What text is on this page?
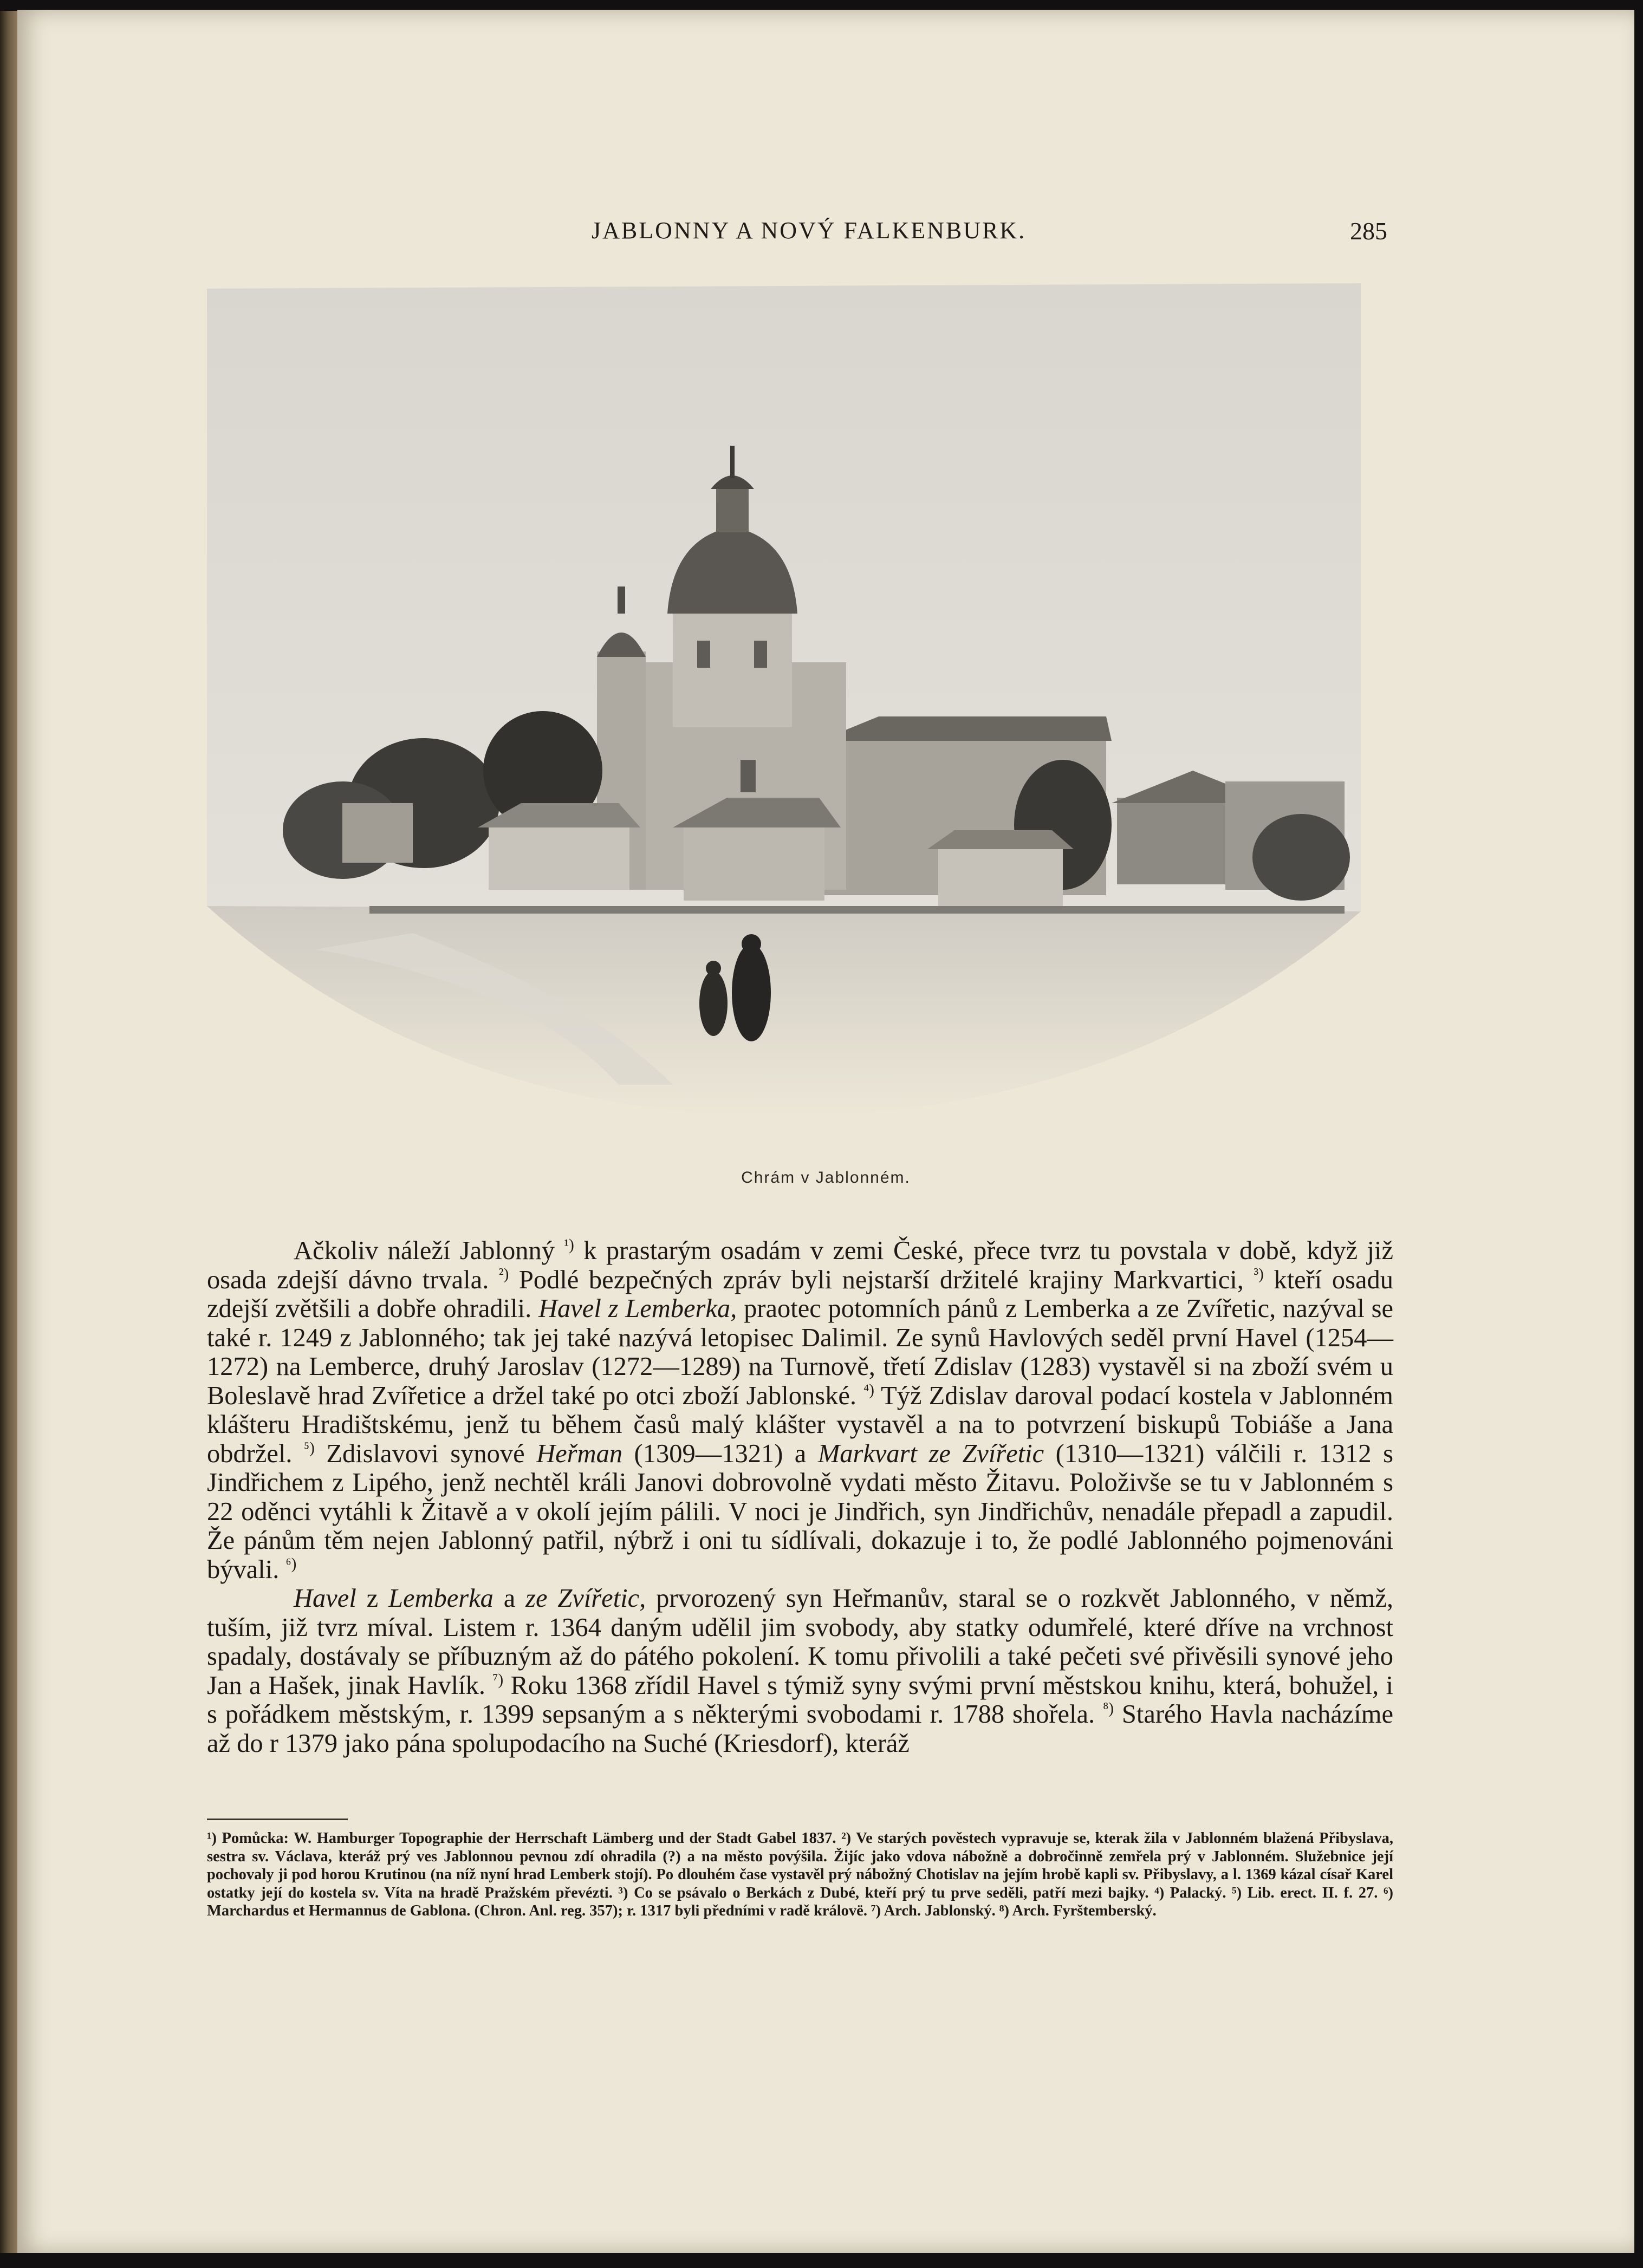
JABLONNY A NOVÝ FALKENBURK.	285
Chrám v Jablonném.

Ačkoliv náleží Jablonný $^{^1)}$ k prastarým osadám v zemi České, přece tvrz tu povstala v době, když již osada zdejší dávno trvala. $^{^2)}$ Podlé bezpečných zpráv byli nejstarší držitelé krajiny Markvartici, $^{^3)}$ kteří osadu zdejší zvětšili a dobře ohradili. Havel z Lemberka, praotec potomních pánů z Lemberka a ze Zvířetic, nazýval se také r. 1249 z Jablonného; tak jej také nazývá letopisec Dalimil. Ze synů Havlových seděl první Havel (1254—1272) na Lemberce, druhý Jaroslav (1272—1289) na Turnově, třetí Zdislav (1283) vystavěl si na zboží svém u Boleslavě hrad Zvířetice a držel také po otci zboží Jablonské. $^{^4)}$ Týž Zdislav daroval podací kostela v Jablonném klášteru Hradištskému, jenž tu během časů malý klášter vystavěl a na to potvrzení biskupů Tobiáše a Jana obdržel. $^{^5)}$ Zdislavovi synové Heřman (1309—1321) a Markvart ze Zvířetic (1310—1321) válčili r. 1312 s Jindřichem z Lipého, jenž nechtěl králi Janovi dobrovolně vydati město Žitavu. Položivše se tu v Jablonném s 22 oděnci vytáhli k Žitavě a v okolí jejím pálili. V noci je Jindřich, syn Jindřichův, nenadále přepadl a zapudil. Že pánům těm nejen Jablonný patřil, nýbrž i oni tu sídlívali, dokazuje i to, že podlé Jablonného pojmenováni bývali. $^{^6)}$

Havel z Lemberka a ze Zvířetic, prvorozený syn Heřmanův, staral se o rozkvět Jablonného, v němž, tuším, již tvrz míval. Listem r. 1364 daným udělil jim svobody, aby statky odumřelé, které dříve na vrchnost spadaly, dostávaly se příbuzným až do pátého pokolení. K tomu přivolili a také pečeti své přivěsili synové jeho Jan a Hašek, jinak Havlík. $^{^7)}$ Roku 1368 zřídil Havel s týmiž syny svými první městskou knihu, která, bohužel, i s pořádkem městským, r. 1399 sepsaným a s některými svobodami r. 1788 shořela. $^{^8)}$ Starého Havla nacházíme až do r 1379 jako pána spolupodacího na Suché (Kriesdorf), kteráž

¹) Pomůcka: W. Hamburger Topographie der Herrschaft Lämberg und der Stadt Gabel 1837. ²) Ve starých pověstech vypravuje se, kterak žila v Jablonném blažená Přibyslava, sestra sv. Václava, kteráž prý ves Jablonnou pevnou zdí ohradila (?) a na město povýšila. Žijíc jako vdova nábožně a dobročinně zemřela prý v Jablonném. Služebnice její pochovaly ji pod horou Krutinou (na níž nyní hrad Lemberk stojí). Po dlouhém čase vystavěl prý nábožný Chotislav na jejím hrobě kapli sv. Přibyslavy, a l. 1369 kázal císař Karel ostatky její do kostela sv. Víta na hradě Pražském převézti. ³) Co se psávalo o Berkách z Dubé, kteří prý tu prve seděli, patří mezi bajky. ⁴) Palacký. ⁵) Lib. erect. II. f. 27. ⁶) Marchardus et Hermannus de Gablona. (Chron. Anl. reg. 357); r. 1317 byli předními v radě královë. ⁷) Arch. Jablonský. ⁸) Arch. Fyrštemberský.
